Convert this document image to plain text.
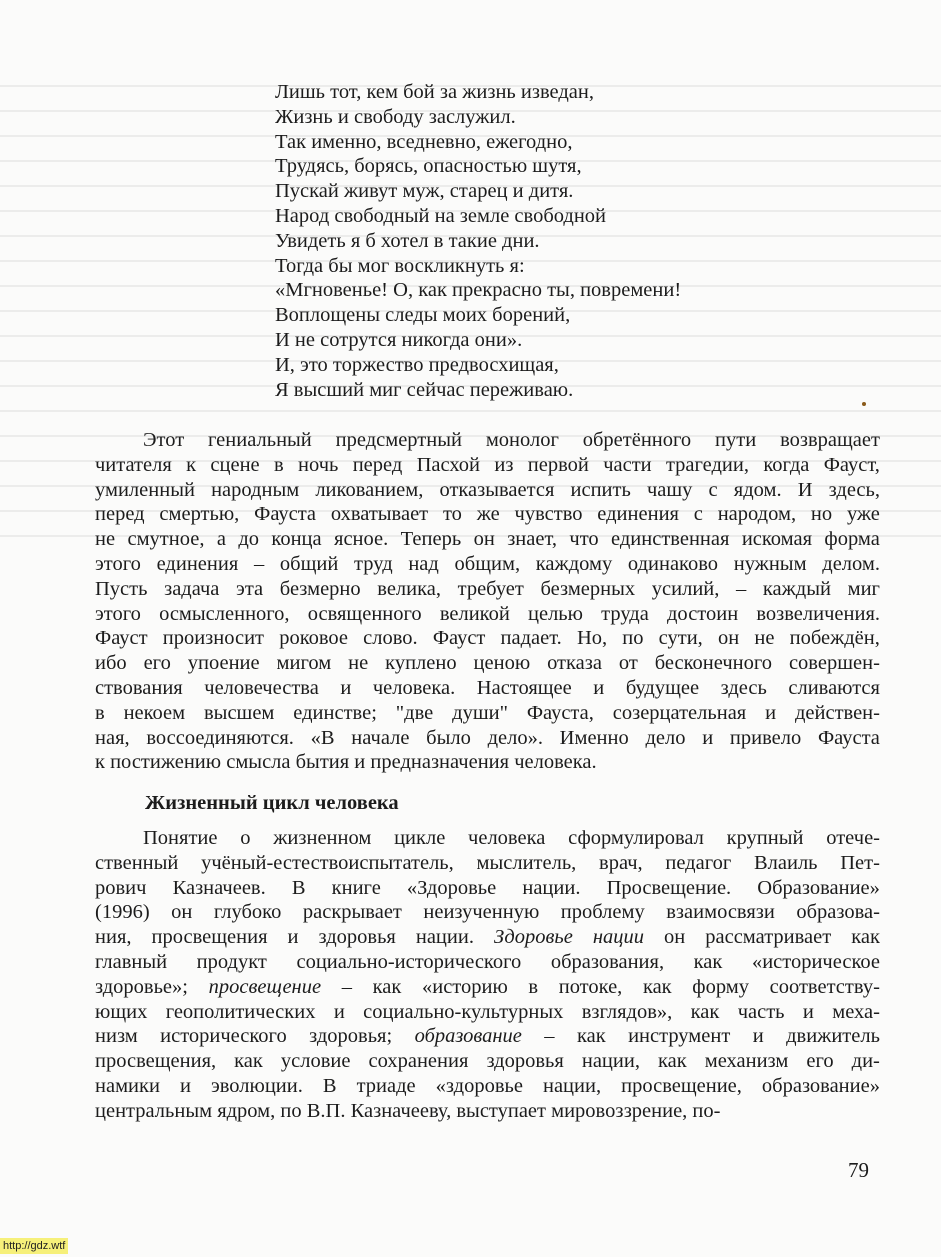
Лишь тот, кем бой за жизнь изведан,
Жизнь и свободу заслужил.
Так именно, вседневно, ежегодно,
Трудясь, борясь, опасностью шутя,
Пускай живут муж, старец и дитя.
Народ свободный на земле свободной
Увидеть я б хотел в такие дни.
Тогда бы мог воскликнуть я:
«Мгновенье! О, как прекрасно ты, повремени!
Воплощены следы моих борений,
И не сотрутся никогда они».
И, это торжество предвосхищая,
Я высший миг сейчас переживаю.
Этот гениальный предсмертный монолог обретённого пути возвращает
читателя к сцене в ночь перед Пасхой из первой части трагедии, когда Фауст,
умиленный народным ликованием, отказывается испить чашу с ядом. И здесь,
перед смертью, Фауста охватывает то же чувство единения с народом, но уже
не смутное, а до конца ясное. Теперь он знает, что единственная искомая форма
этого единения – общий труд над общим, каждому одинаково нужным делом.
Пусть задача эта безмерно велика, требует безмерных усилий, – каждый миг
этого осмысленного, освященного великой целью труда достоин возвеличения.
Фауст произносит роковое слово. Фауст падает. Но, по сути, он не побеждён,
ибо его упоение мигом не куплено ценою отказа от бесконечного совершен-
ствования человечества и человека. Настоящее и будущее здесь сливаются
в некоем высшем единстве; "две души" Фауста, созерцательная и действен-
ная, воссоединяются. «В начале было дело». Именно дело и привело Фауста
к постижению смысла бытия и предназначения человека.
Жизненный цикл человека
Понятие о жизненном цикле человека сформулировал крупный отече-
ственный учёный-естествоиспытатель, мыслитель, врач, педагог Влаиль Пет-
рович Казначеев. В книге «Здоровье нации. Просвещение. Образование»
(1996) он глубоко раскрывает неизученную проблему взаимосвязи образова-
ния, просвещения и здоровья нации. Здоровье нации он рассматривает как
главный продукт социально-исторического образования, как «историческое
здоровье»; просвещение – как «историю в потоке, как форму соответству-
ющих геополитических и социально-культурных взглядов», как часть и меха-
низм исторического здоровья; образование – как инструмент и движитель
просвещения, как условие сохранения здоровья нации, как механизм его ди-
намики и эволюции. В триаде «здоровье нации, просвещение, образование»
центральным ядром, по В.П. Казначееву, выступает мировоззрение, по-
79
http://gdz.wtf
